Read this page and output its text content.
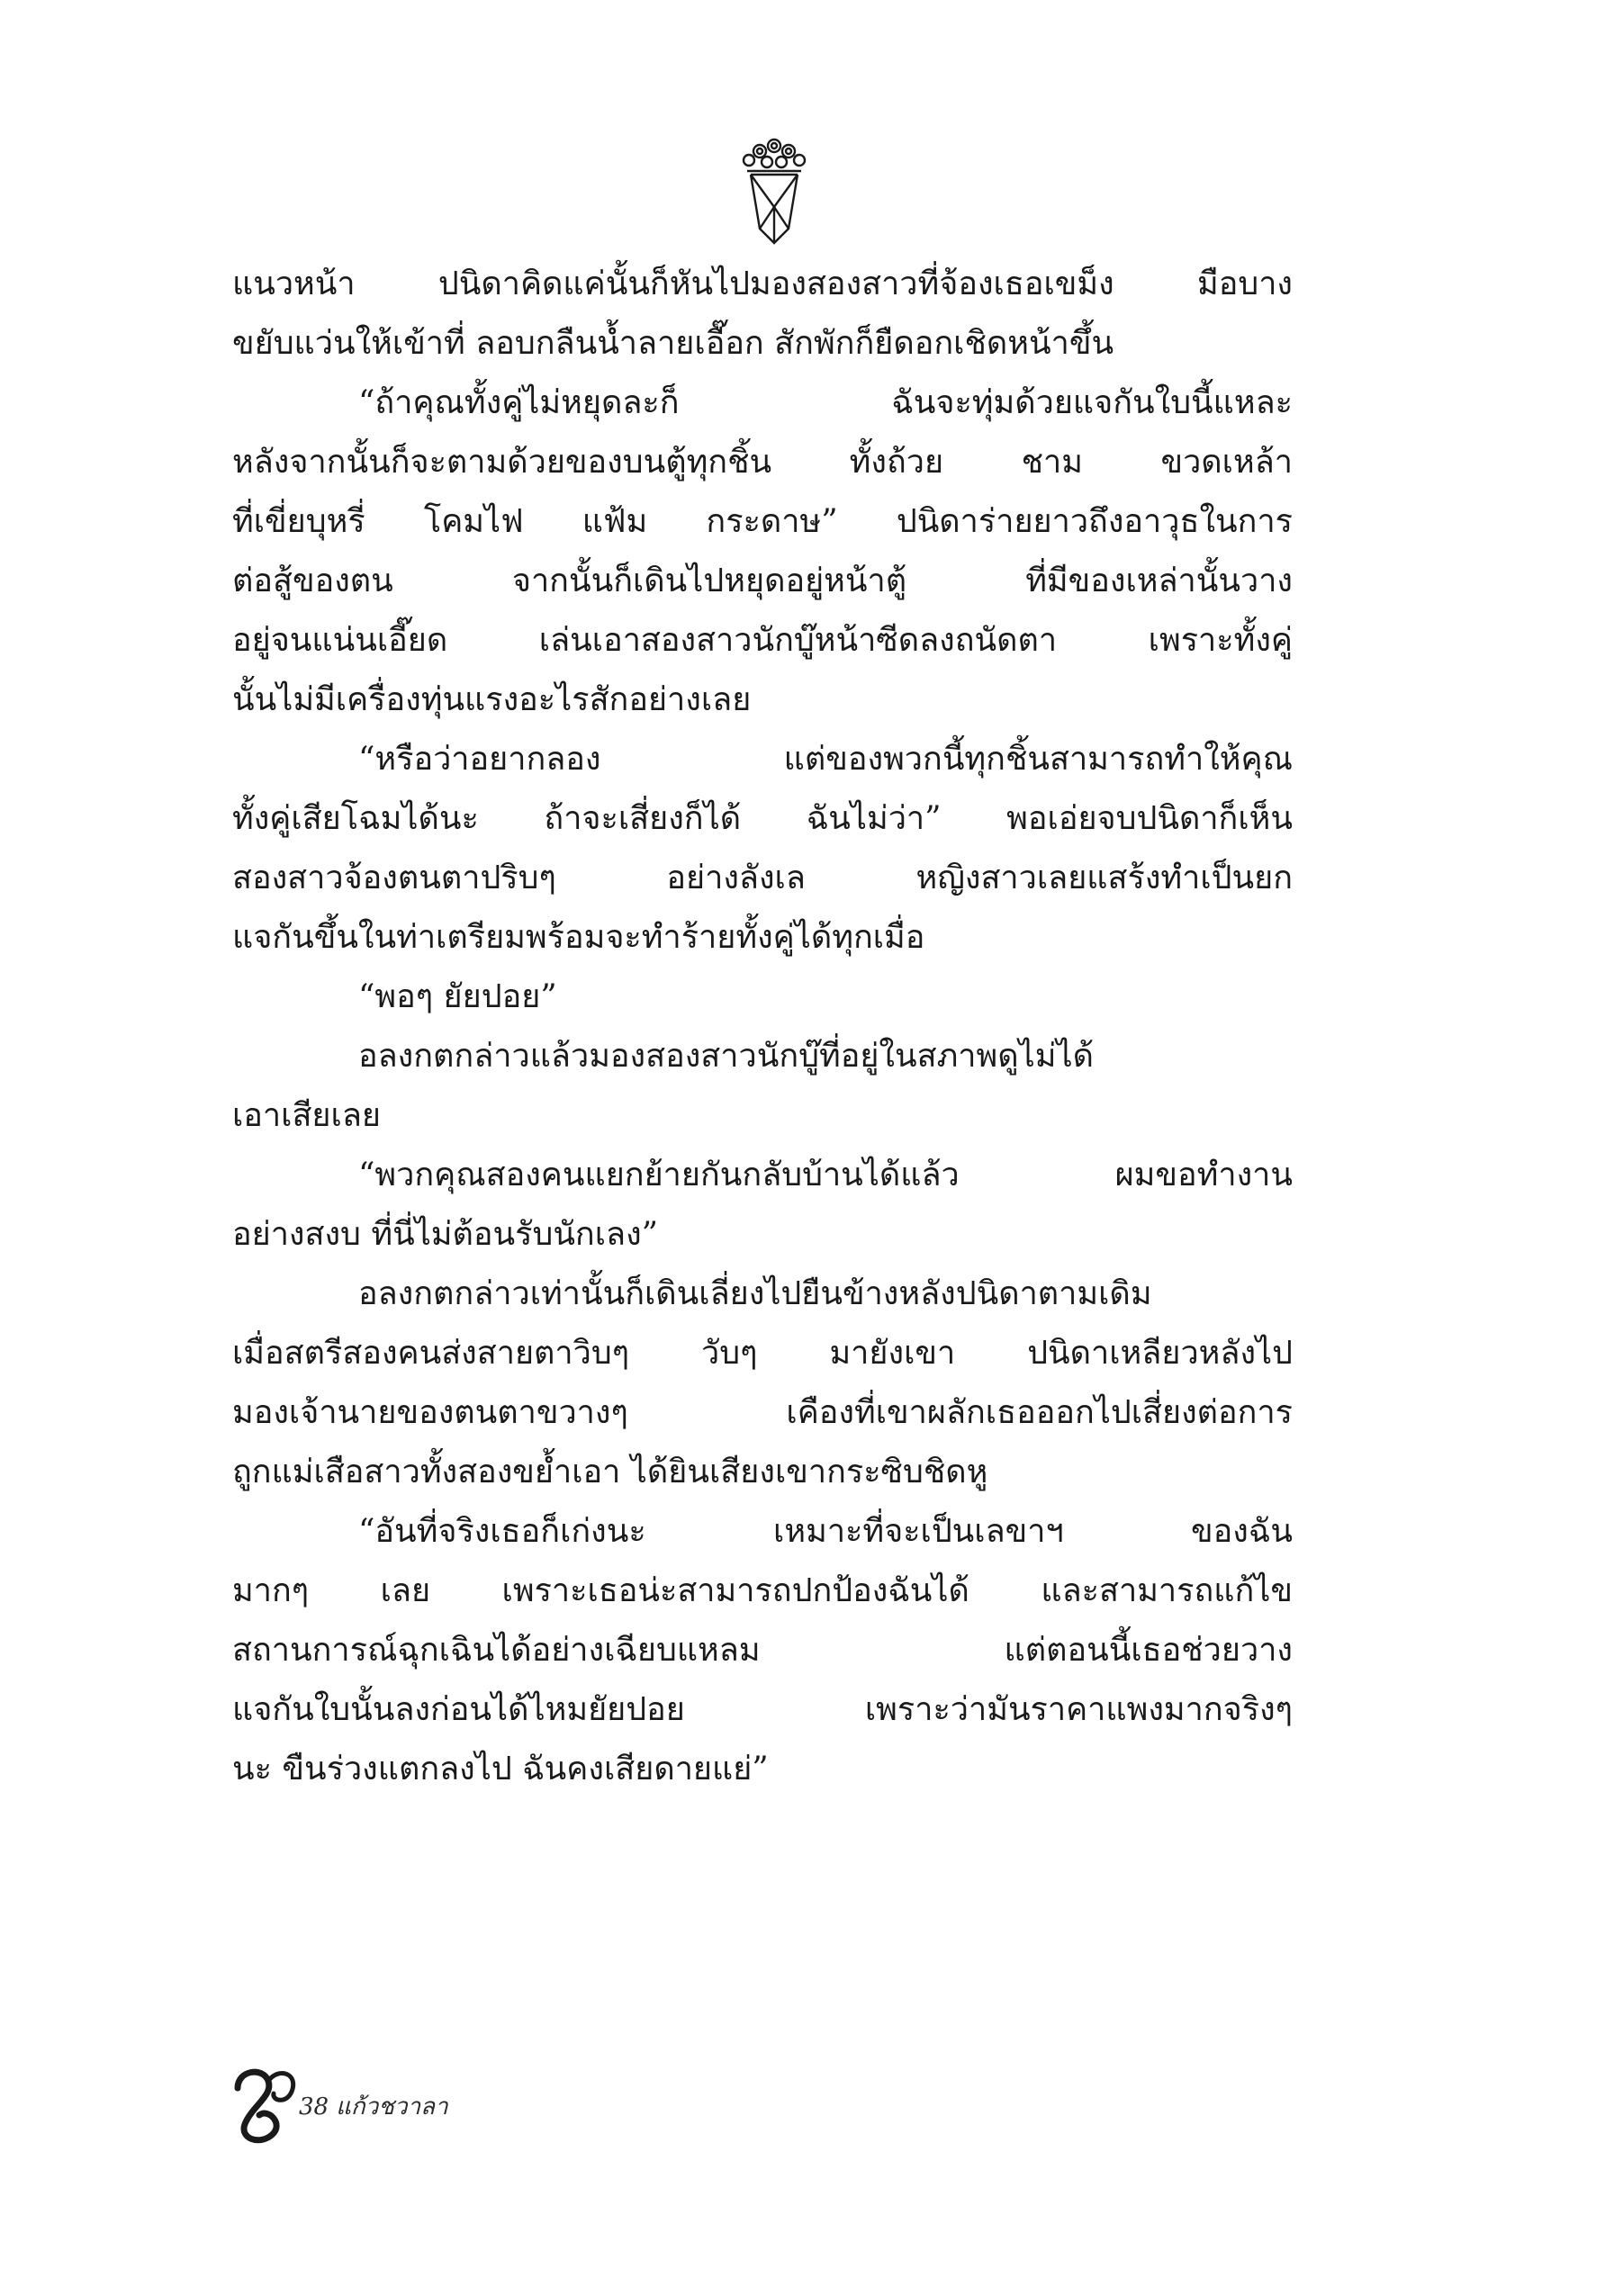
แนวหน้า ปนิดาคิดแค่นั้นก็หันไปมองสองสาวที่จ้องเธอเขม็ง มือบาง
ขยับแว่นให้เข้าที่ ลอบกลืนน้ำลายเอื๊อก สักพักก็ยืดอกเชิดหน้าขึ้น
“ถ้าคุณทั้งคู่ไม่หยุดละก็ ฉันจะทุ่มด้วยแจกันใบนี้แหละ
หลังจากนั้นก็จะตามด้วยของบนตู้ทุกชิ้น ทั้งถ้วย ชาม ขวดเหล้า
ที่เขี่ยบุหรี่ โคมไฟ แฟ้ม กระดาษ” ปนิดาร่ายยาวถึงอาวุธในการ
ต่อสู้ของตน จากนั้นก็เดินไปหยุดอยู่หน้าตู้ ที่มีของเหล่านั้นวาง
อยู่จนแน่นเอี๊ยด เล่นเอาสองสาวนักบู๊หน้าซีดลงถนัดตา เพราะทั้งคู่
นั้นไม่มีเครื่องทุ่นแรงอะไรสักอย่างเลย
“หรือว่าอยากลอง แต่ของพวกนี้ทุกชิ้นสามารถทำให้คุณ
ทั้งคู่เสียโฉมได้นะ ถ้าจะเสี่ยงก็ได้ ฉันไม่ว่า” พอเอ่ยจบปนิดาก็เห็น
สองสาวจ้องตนตาปริบๆ อย่างลังเล หญิงสาวเลยแสร้งทำเป็นยก
แจกันขึ้นในท่าเตรียมพร้อมจะทำร้ายทั้งคู่ได้ทุกเมื่อ
“พอๆ ยัยปอย”
อลงกตกล่าวแล้วมองสองสาวนักบู๊ที่อยู่ในสภาพดูไม่ได้
เอาเสียเลย
“พวกคุณสองคนแยกย้ายกันกลับบ้านได้แล้ว ผมขอทำงาน
อย่างสงบ ที่นี่ไม่ต้อนรับนักเลง”
อลงกตกล่าวเท่านั้นก็เดินเลี่ยงไปยืนข้างหลังปนิดาตามเดิม
เมื่อสตรีสองคนส่งสายตาวิบๆ วับๆ มายังเขา ปนิดาเหลียวหลังไป
มองเจ้านายของตนตาขวางๆ เคืองที่เขาผลักเธอออกไปเสี่ยงต่อการ
ถูกแม่เสือสาวทั้งสองขย้ำเอา ได้ยินเสียงเขากระซิบชิดหู
“อันที่จริงเธอก็เก่งนะ เหมาะที่จะเป็นเลขาฯ ของฉัน
มากๆ เลย เพราะเธอน่ะสามารถปกป้องฉันได้ และสามารถแก้ไข
สถานการณ์ฉุกเฉินได้อย่างเฉียบแหลม แต่ตอนนี้เธอช่วยวาง
แจกันใบนั้นลงก่อนได้ไหมยัยปอย เพราะว่ามันราคาแพงมากจริงๆ
นะ ขืนร่วงแตกลงไป ฉันคงเสียดายแย่”
38 แก้วชวาลา
